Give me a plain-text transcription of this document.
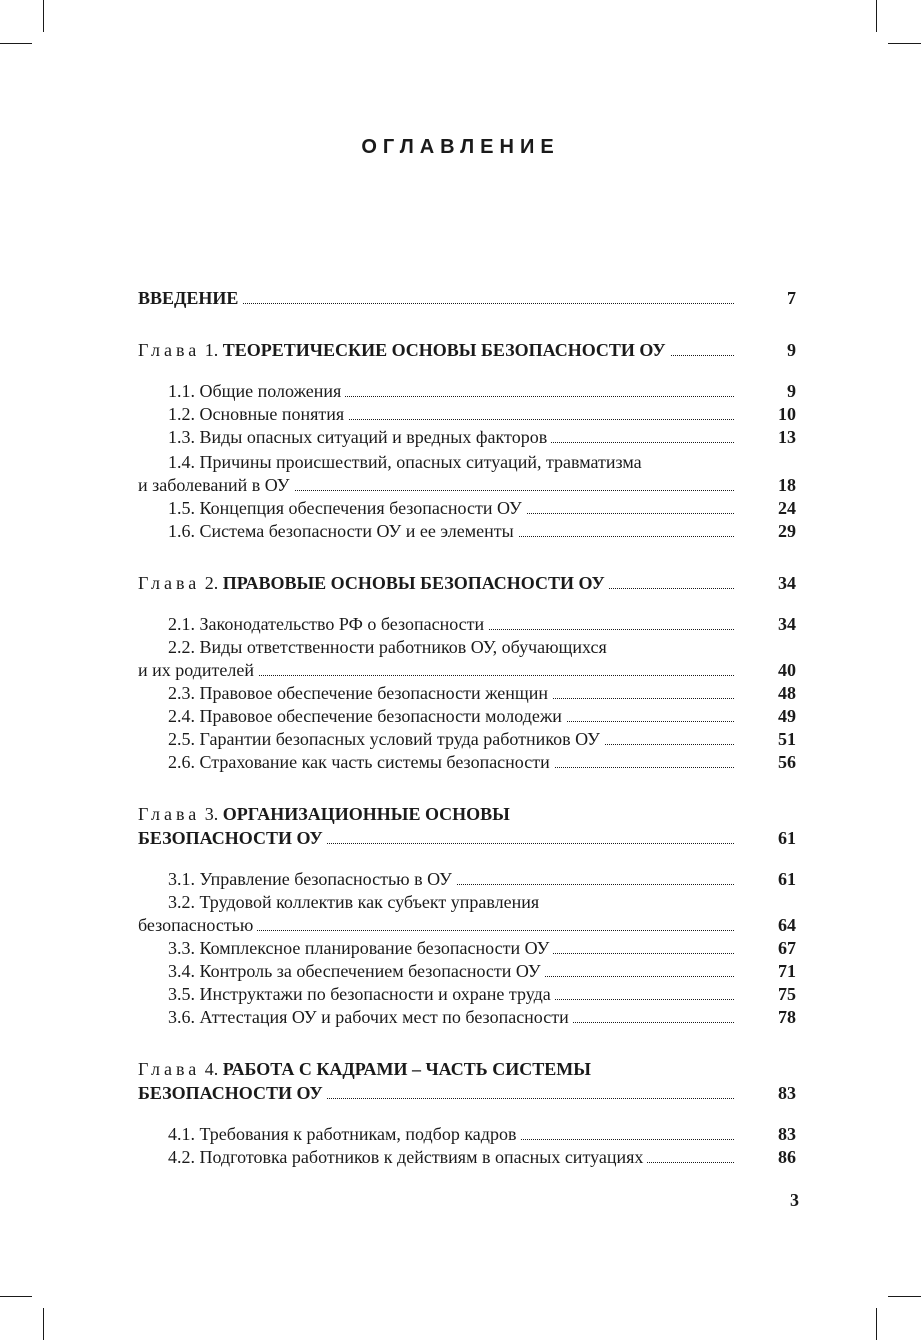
ОГЛАВЛЕНИЕ
ВВЕДЕНИЕ	7
Глава 1. ТЕОРЕТИЧЕСКИЕ ОСНОВЫ БЕЗОПАСНОСТИ ОУ	9
1.1. Общие положения	9
1.2. Основные понятия	10
1.3. Виды опасных ситуаций и вредных факторов	13
1.4. Причины происшествий, опасных ситуаций, травматизма
и заболеваний в ОУ	18
1.5. Концепция обеспечения безопасности ОУ	24
1.6. Система безопасности ОУ и ее элементы	29
Глава 2. ПРАВОВЫЕ ОСНОВЫ БЕЗОПАСНОСТИ ОУ	34
2.1. Законодательство РФ о безопасности	34
2.2. Виды ответственности работников ОУ, обучающихся
и их родителей	40
2.3. Правовое обеспечение безопасности женщин	48
2.4. Правовое обеспечение безопасности молодежи	49
2.5. Гарантии безопасных условий труда работников ОУ	51
2.6. Страхование как часть системы безопасности	56
Глава 3. ОРГАНИЗАЦИОННЫЕ ОСНОВЫ
БЕЗОПАСНОСТИ ОУ	61
3.1. Управление безопасностью в ОУ	61
3.2. Трудовой коллектив как субъект управления
безопасностью	64
3.3. Комплексное планирование безопасности ОУ	67
3.4. Контроль за обеспечением безопасности ОУ	71
3.5. Инструктажи по безопасности и охране труда	75
3.6. Аттестация ОУ и рабочих мест по безопасности	78
Глава 4. РАБОТА С КАДРАМИ – ЧАСТЬ СИСТЕМЫ
БЕЗОПАСНОСТИ ОУ	83
4.1. Требования к работникам, подбор кадров	83
4.2. Подготовка работников к действиям в опасных ситуациях	86
3
